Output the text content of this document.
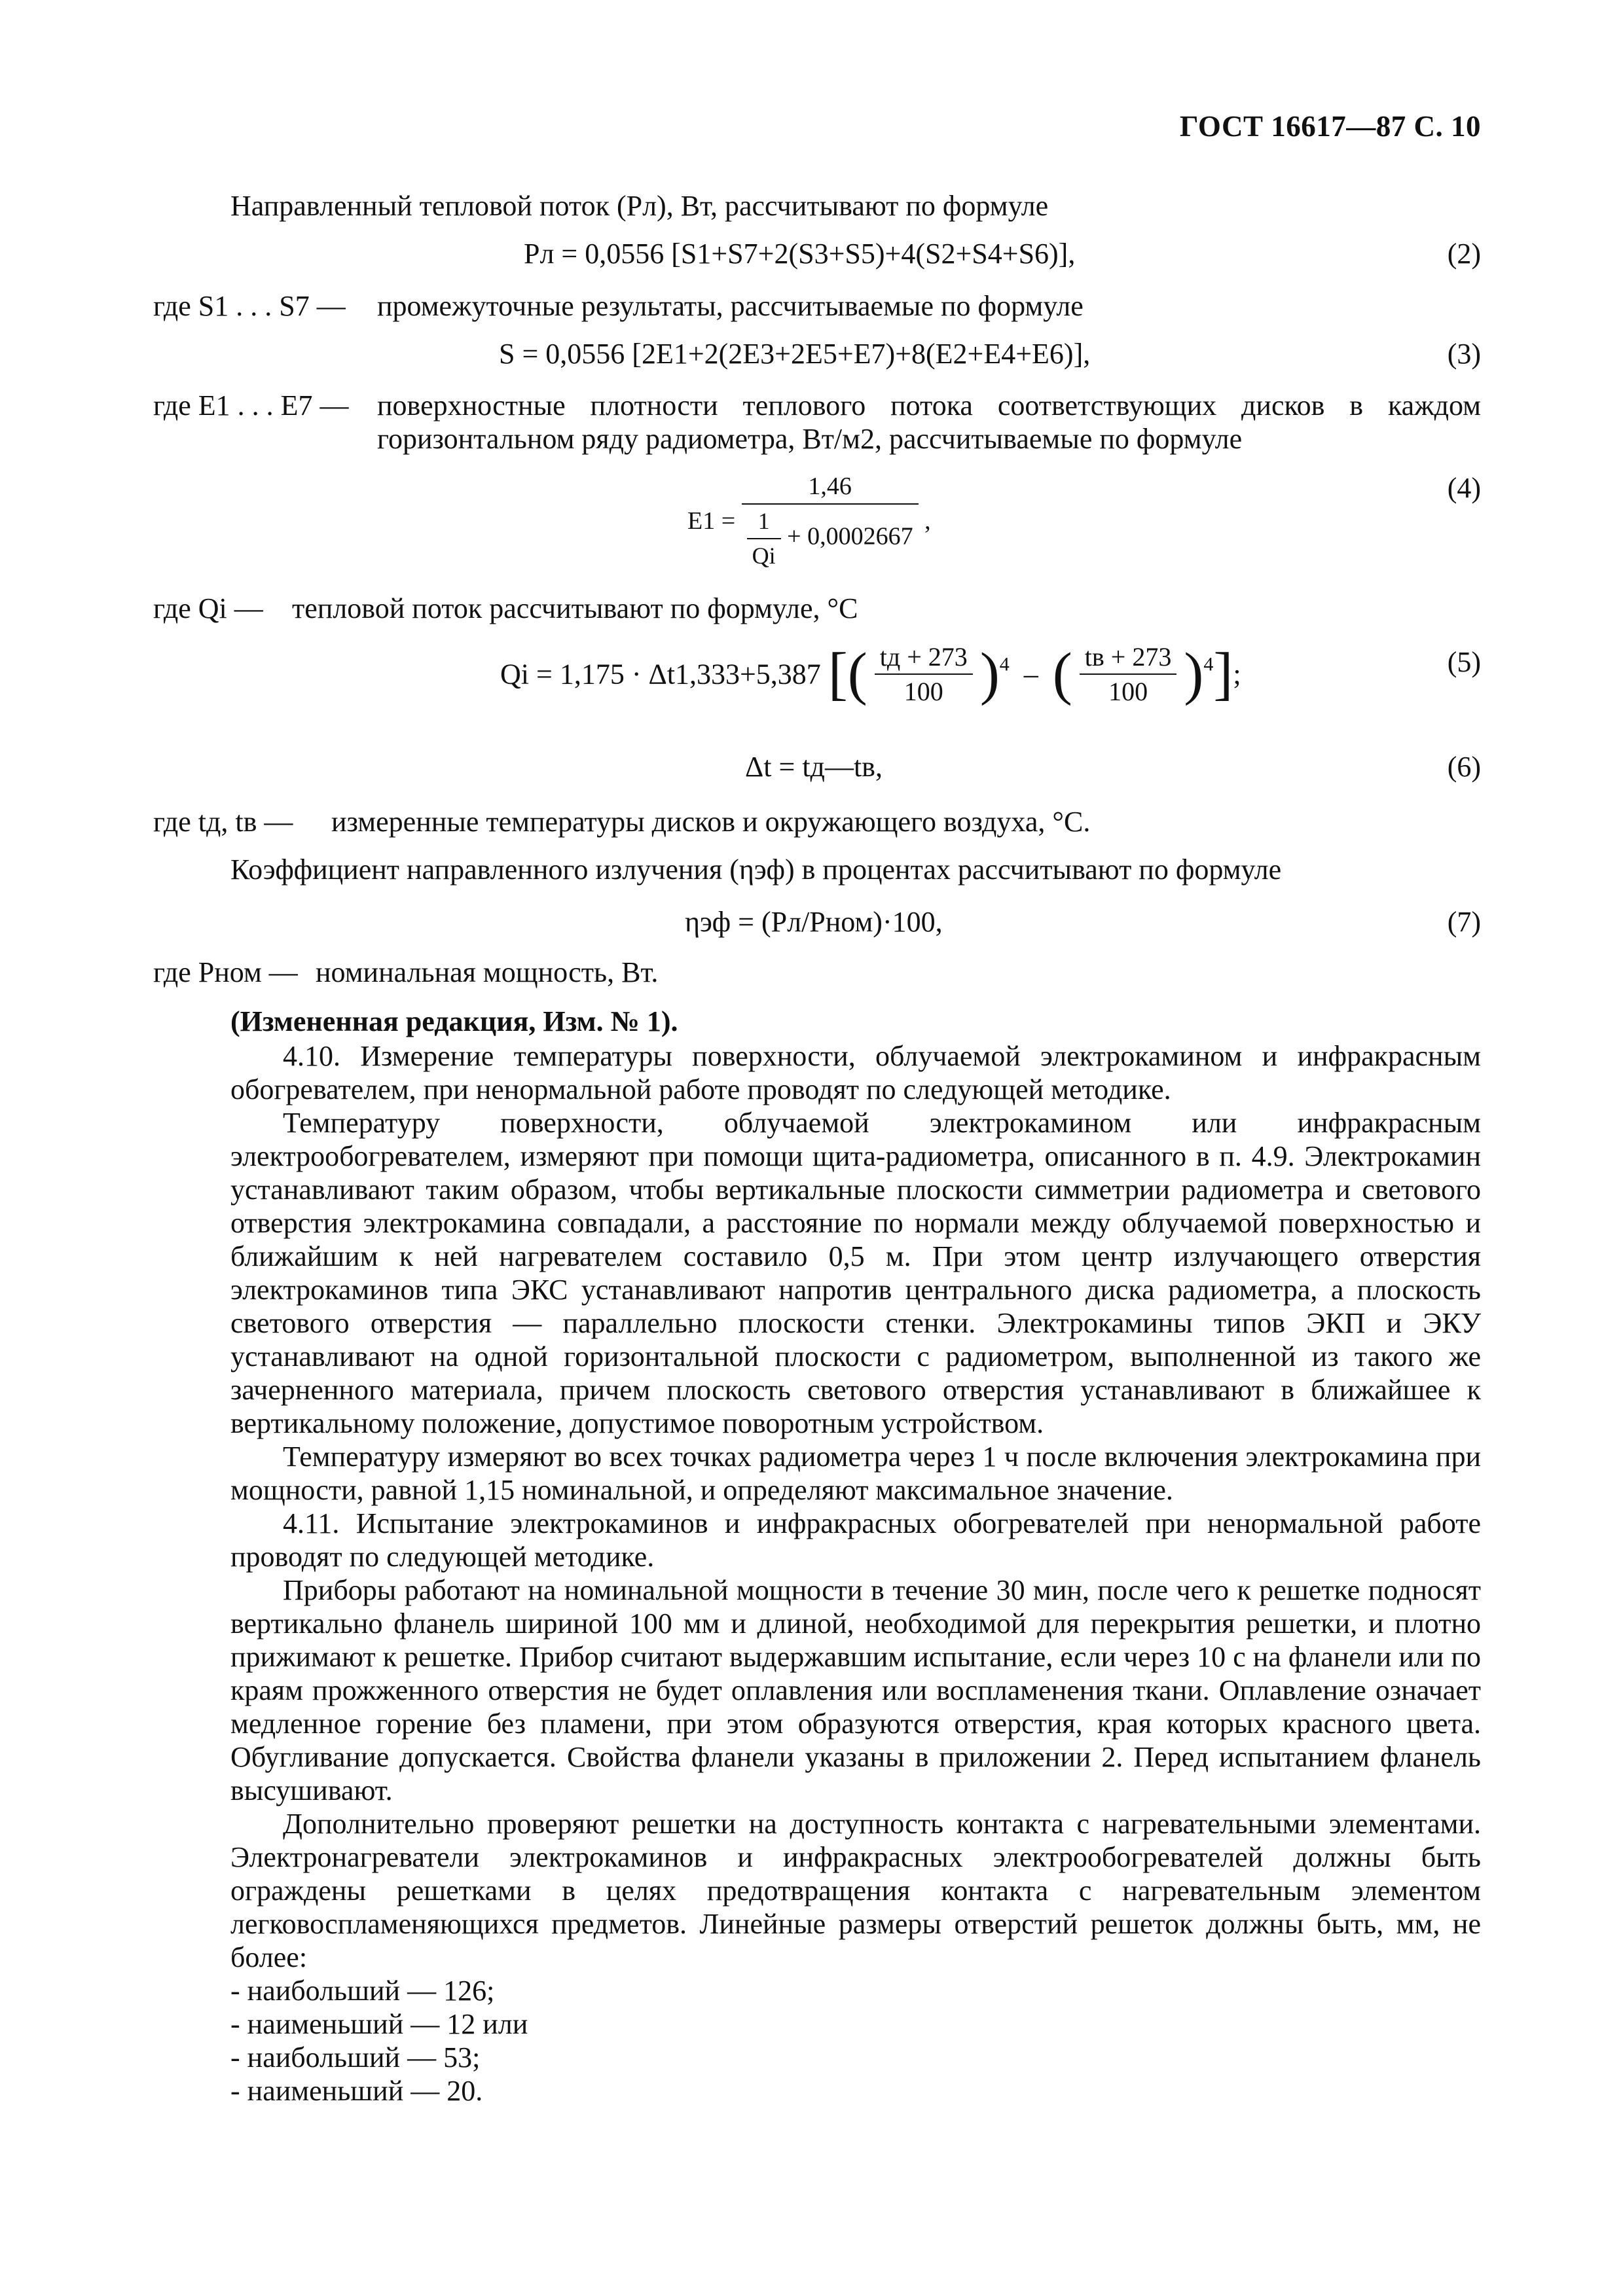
ГОСТ 16617—87 С. 10
Направленный тепловой поток (Pл), Вт, рассчитывают по формуле
Pл = 0,0556 [S1+S7+2(S3+S5)+4(S2+S4+S6)],	(2)
где S1 . . . S7 — промежуточные результаты, рассчитываемые по формуле
S = 0,0556 [2E1+2(2E3+2E5+E7)+8(E2+E4+E6)],	(3)
где E1 . . . E7 — поверхностные плотности теплового потока соответствующих дисков в каждом горизонтальном ряду радиометра, Вт/м2, рассчитываемые по формуле
$E1 = \frac{1,46}{\frac{1}{Qi} + 0,0002667}$ ,
(4)
где Qi — тепловой поток рассчитывают по формуле, °С
Qi = 1,175 · Δt1,333+5,387 [( $\frac{tд + 273}{100} )^4$  –  ( $\frac{tв + 273}{100} )^4$];	(5)
Δt = tд—tв,	(6)
где tд, tв — измеренные температуры дисков и окружающего воздуха, °С.
Коэффициент направленного излучения (ηэф) в процентах рассчитывают по формуле
ηэф = (Pл/Pном)·100,	(7)
где Pном — номинальная мощность, Вт.
(Измененная редакция, Изм. № 1).

4.10. Измерение температуры поверхности, облучаемой электрокамином и инфракрасным обогревателем, при ненормальной работе проводят по следующей методике.

Температуру поверхности, облучаемой электрокамином или инфракрасным электрообогревателем, измеряют при помощи щита-радиометра, описанного в п. 4.9. Электрокамин устанавливают таким образом, чтобы вертикальные плоскости симметрии радиометра и светового отверстия электрокамина совпадали, а расстояние по нормали между облучаемой поверхностью и ближайшим к ней нагревателем составило 0,5 м. При этом центр излучающего отверстия электрокаминов типа ЭКС устанавливают напротив центрального диска радиометра, а плоскость светового отверстия — параллельно плоскости стенки. Электрокамины типов ЭКП и ЭКУ устанавливают на одной горизонтальной плоскости с радиометром, выполненной из такого же зачерненного материала, причем плоскость светового отверстия устанавливают в ближайшее к вертикальному положение, допустимое поворотным устройством.

Температуру измеряют во всех точках радиометра через 1 ч после включения электрокамина при мощности, равной 1,15 номинальной, и определяют максимальное значение.

4.11. Испытание электрокаминов и инфракрасных обогревателей при ненормальной работе проводят по следующей методике.

Приборы работают на номинальной мощности в течение 30 мин, после чего к решетке подносят вертикально фланель шириной 100 мм и длиной, необходимой для перекрытия решетки, и плотно прижимают к решетке. Прибор считают выдержавшим испытание, если через 10 с на фланели или по краям прожженного отверстия не будет оплавления или воспламенения ткани. Оплавление означает медленное горение без пламени, при этом образуются отверстия, края которых красного цвета. Обугливание допускается. Свойства фланели указаны в приложении 2. Перед испытанием фланель высушивают.

Дополнительно проверяют решетки на доступность контакта с нагревательными элементами. Электронагреватели электрокаминов и инфракрасных электрообогревателей должны быть ограждены решетками в целях предотвращения контакта с нагревательным элементом легковоспламеняющихся предметов. Линейные размеры отверстий решеток должны быть, мм, не более:

- наибольший — 126;
- наименьший — 12 или
- наибольший — 53;
- наименьший — 20.
